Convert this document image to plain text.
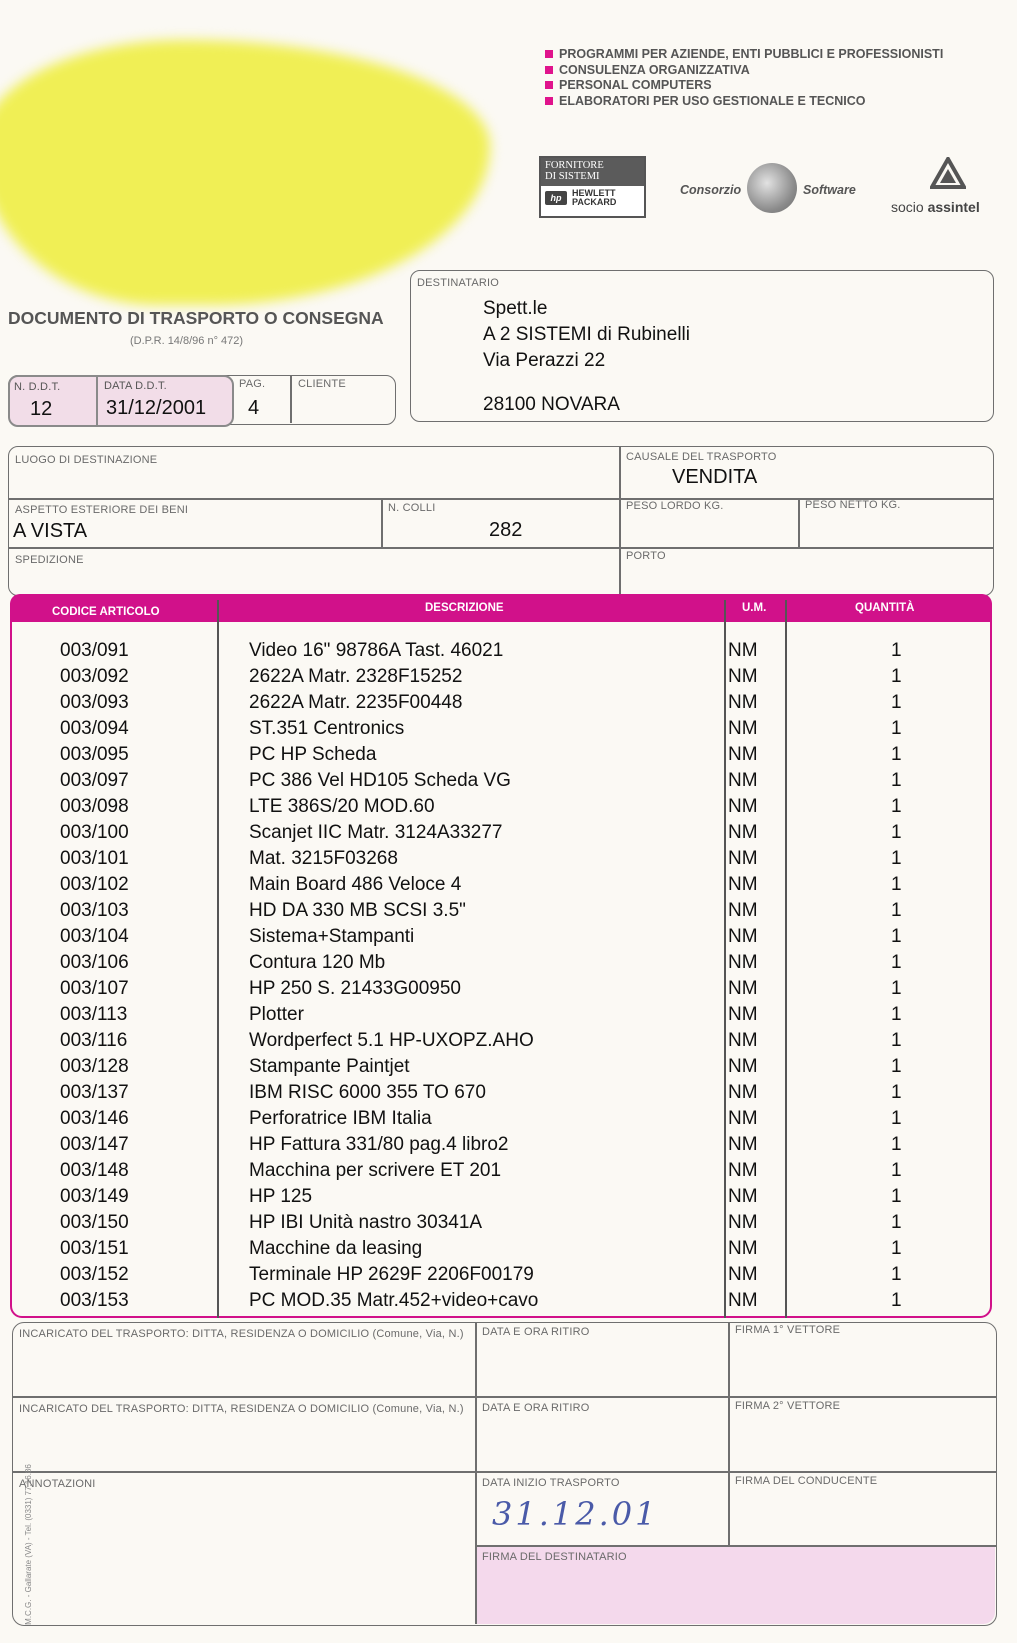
PROGRAMMI PER AZIENDE, ENTI PUBBLICI E PROFESSIONISTI
CONSULENZA ORGANIZZATIVA
PERSONAL COMPUTERS
ELABORATORI PER USO GESTIONALE E TECNICO
FORNITORE
DI SISTEMI
hp	HEWLETT
PACKARD
Consorzio	Software
socio assintel
DOCUMENTO DI TRASPORTO O CONSEGNA
(D.P.R. 14/8/96 n° 472)
N. D.D.T.
12
DATA D.D.T.
31/12/2001
PAG.
4
CLIENTE
DESTINATARIO
Spett.le
A 2 SISTEMI di Rubinelli
Via Perazzi 22
28100 NOVARA
LUOGO DI DESTINAZIONE	CAUSALE DEL TRASPORTO
VENDITA
ASPETTO ESTERIORE DEI BENI
A VISTA
N. COLLI
282
PESO LORDO KG.	PESO NETTO KG.
SPEDIZIONE	PORTO
CODICE ARTICOLO	DESCRIZIONE	U.M.	QUANTITÀ
003/091	Video 16" 98786A Tast. 46021	NM	1
003/092	2622A Matr. 2328F15252	NM	1
003/093	2622A Matr. 2235F00448	NM	1
003/094	ST.351 Centronics	NM	1
003/095	PC HP Scheda	NM	1
003/097	PC 386 Vel HD105 Scheda VG	NM	1
003/098	LTE 386S/20 MOD.60	NM	1
003/100	Scanjet IIC Matr. 3124A33277	NM	1
003/101	Mat. 3215F03268	NM	1
003/102	Main Board 486 Veloce 4	NM	1
003/103	HD DA 330 MB SCSI 3.5"	NM	1
003/104	Sistema+Stampanti	NM	1
003/106	Contura 120 Mb	NM	1
003/107	HP 250 S. 21433G00950	NM	1
003/113	Plotter	NM	1
003/116	Wordperfect 5.1 HP-UXOPZ.AHO	NM	1
003/128	Stampante Paintjet	NM	1
003/137	IBM RISC 6000 355 TO 670	NM	1
003/146	Perforatrice IBM Italia	NM	1
003/147	HP Fattura 331/80 pag.4 libro2	NM	1
003/148	Macchina per scrivere ET 201	NM	1
003/149	HP 125	NM	1
003/150	HP IBI Unità nastro 30341A	NM	1
003/151	Macchine da leasing	NM	1
003/152	Terminale HP 2629F 2206F00179	NM	1
003/153	PC MOD.35 Matr.452+video+cavo	NM	1
INCARICATO DEL TRASPORTO: DITTA, RESIDENZA O DOMICILIO (Comune, Via, N.) DATA E ORA RITIRO	FIRMA 1° VETTORE
INCARICATO DEL TRASPORTO: DITTA, RESIDENZA O DOMICILIO (Comune, Via, N.) DATA E ORA RITIRO	FIRMA 2° VETTORE
ANNOTAZIONI	DATA INIZIO TRASPORTO	FIRMA DEL CONDUCENTE
31.12.01
FIRMA DEL DESTINATARIO
M.C.G. - Gallarate (VA) - Tel. (0331) 77.16.86
